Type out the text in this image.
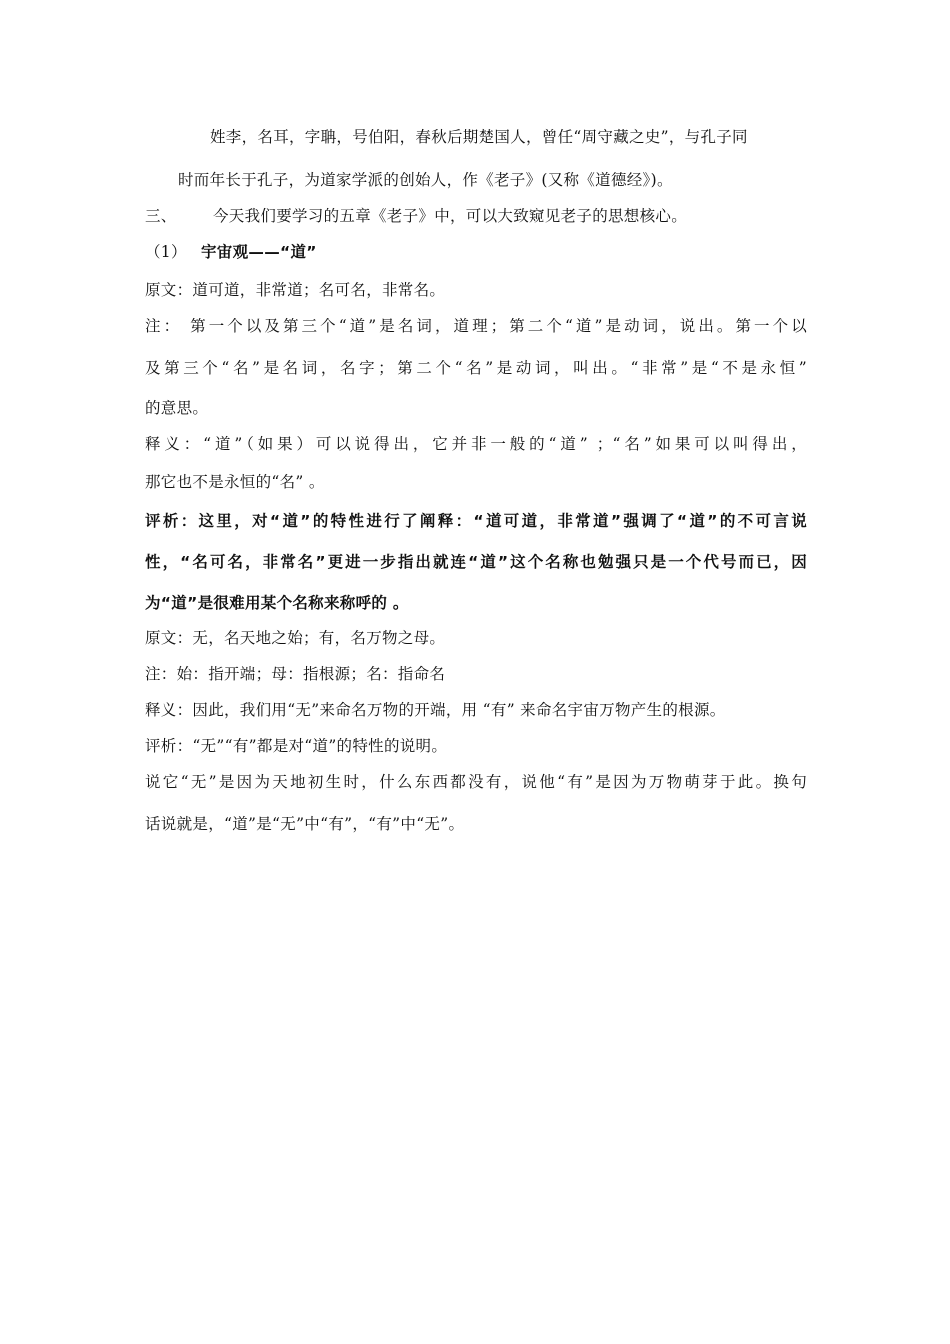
姓李，名耳，字聃，号伯阳，春秋后期楚国人，曾任“周守藏之史”，与孔子同
时而年长于孔子，为道家学派的创始人，作《老子》(又称《道德经》)。
三、 今天我们要学习的五章《老子》中，可以大致窥见老子的思想核心。
（1） 宇宙观——“道”
原文：道可道，非常道；名可名，非常名。
注： 第一个以及第三个“道”是名词，道理；第二个“道”是动词，说出。第一个以
及第三个“名”是名词，名字；第二个“名”是动词，叫出。“非常”是“不是永恒”
的意思。
释义：“道”（如果）可以说得出，它并非一般的“道” ；“名”如果可以叫得出，
那它也不是永恒的“名” 。
评析：这里，对“道”的特性进行了阐释：“道可道，非常道”强调了“道”的不可言说
性，“名可名，非常名”更进一步指出就连“道”这个名称也勉强只是一个代号而已，因
为“道”是很难用某个名称来称呼的 。
原文：无，名天地之始；有，名万物之母。
注：始：指开端；母：指根源；名：指命名
释义：因此，我们用“无”来命名万物的开端，用 “有” 来命名宇宙万物产生的根源。
评析：“无”“有”都是对“道”的特性的说明。
说它“无”是因为天地初生时，什么东西都没有，说他“有”是因为万物萌芽于此。换句
话说就是，“道”是“无”中“有”，“有”中“无”。
